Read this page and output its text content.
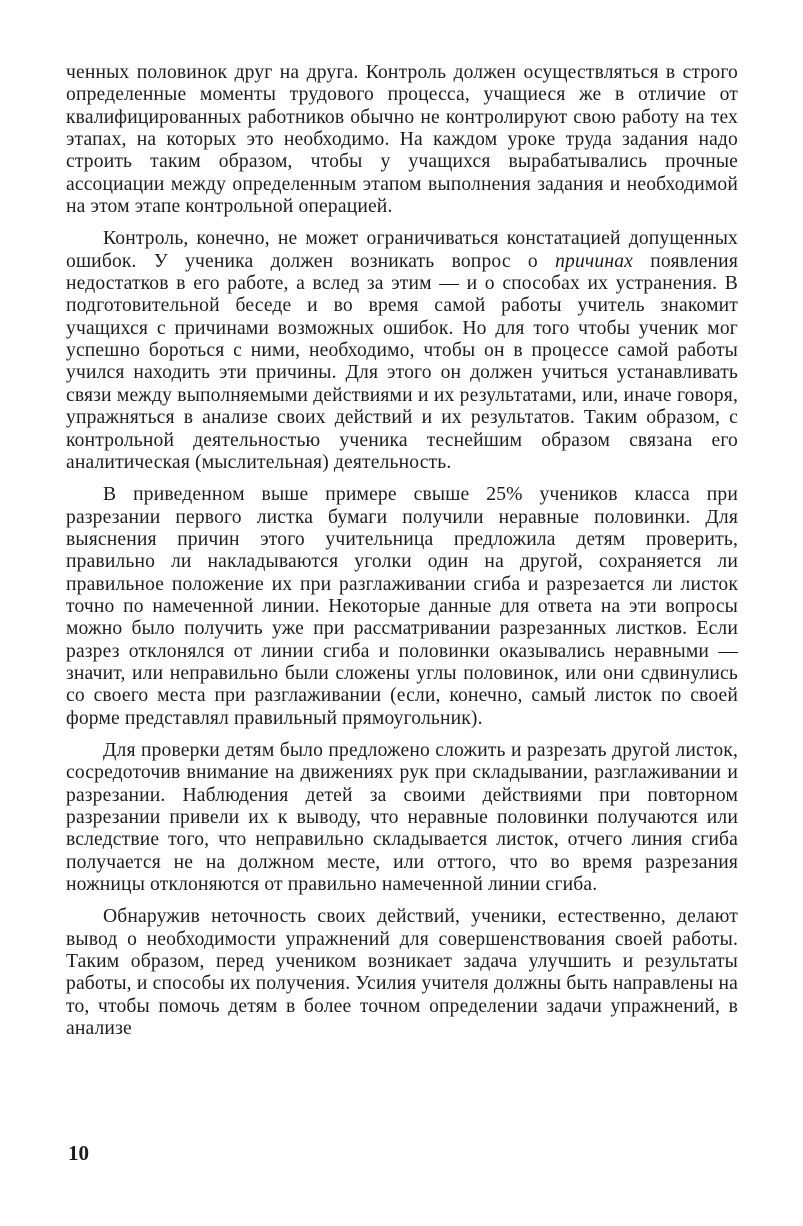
ченных половинок друг на друга. Контроль должен осуществляться в строго определенные моменты трудового процесса, учащиеся же в отличие от квалифицированных работников обычно не контролируют свою работу на тех этапах, на которых это необходимо. На каждом уроке труда задания надо строить таким образом, чтобы у учащихся вырабатывались прочные ассоциации между определенным этапом выполнения задания и необходимой на этом этапе контрольной операцией.

Контроль, конечно, не может ограничиваться констатацией допущенных ошибок. У ученика должен возникать вопрос о причинах появления недостатков в его работе, а вслед за этим — и о способах их устранения. В подготовительной беседе и во время самой работы учитель знакомит учащихся с причинами возможных ошибок. Но для того чтобы ученик мог успешно бороться с ними, необходимо, чтобы он в процессе самой работы учился находить эти причины. Для этого он должен учиться устанавливать связи между выполняемыми действиями и их результатами, или, иначе говоря, упражняться в анализе своих действий и их результатов. Таким образом, с контрольной деятельностью ученика теснейшим образом связана его аналитическая (мыслительная) деятельность.

В приведенном выше примере свыше 25% учеников класса при разрезании первого листка бумаги получили неравные половинки. Для выяснения причин этого учительница предложила детям проверить, правильно ли накладываются уголки один на другой, сохраняется ли правильное положение их при разглаживании сгиба и разрезается ли листок точно по намеченной линии. Некоторые данные для ответа на эти вопросы можно было получить уже при рассматривании разрезанных листков. Если разрез отклонялся от линии сгиба и половинки оказывались неравными — значит, или неправильно были сложены углы половинок, или они сдвинулись со своего места при разглаживании (если, конечно, самый листок по своей форме представлял правильный прямоугольник).

Для проверки детям было предложено сложить и разрезать другой листок, сосредоточив внимание на движениях рук при складывании, разглаживании и разрезании. Наблюдения детей за своими действиями при повторном разрезании привели их к выводу, что неравные половинки получаются или вследствие того, что неправильно складывается листок, отчего линия сгиба получается не на должном месте, или оттого, что во время разрезания ножницы отклоняются от правильно намеченной линии сгиба.

Обнаружив неточность своих действий, ученики, естественно, делают вывод о необходимости упражнений для совершенствования своей работы. Таким образом, перед учеником возникает задача улучшить и результаты работы, и способы их получения. Усилия учителя должны быть направлены на то, чтобы помочь детям в более точном определении задачи упражнений, в анализе

10
